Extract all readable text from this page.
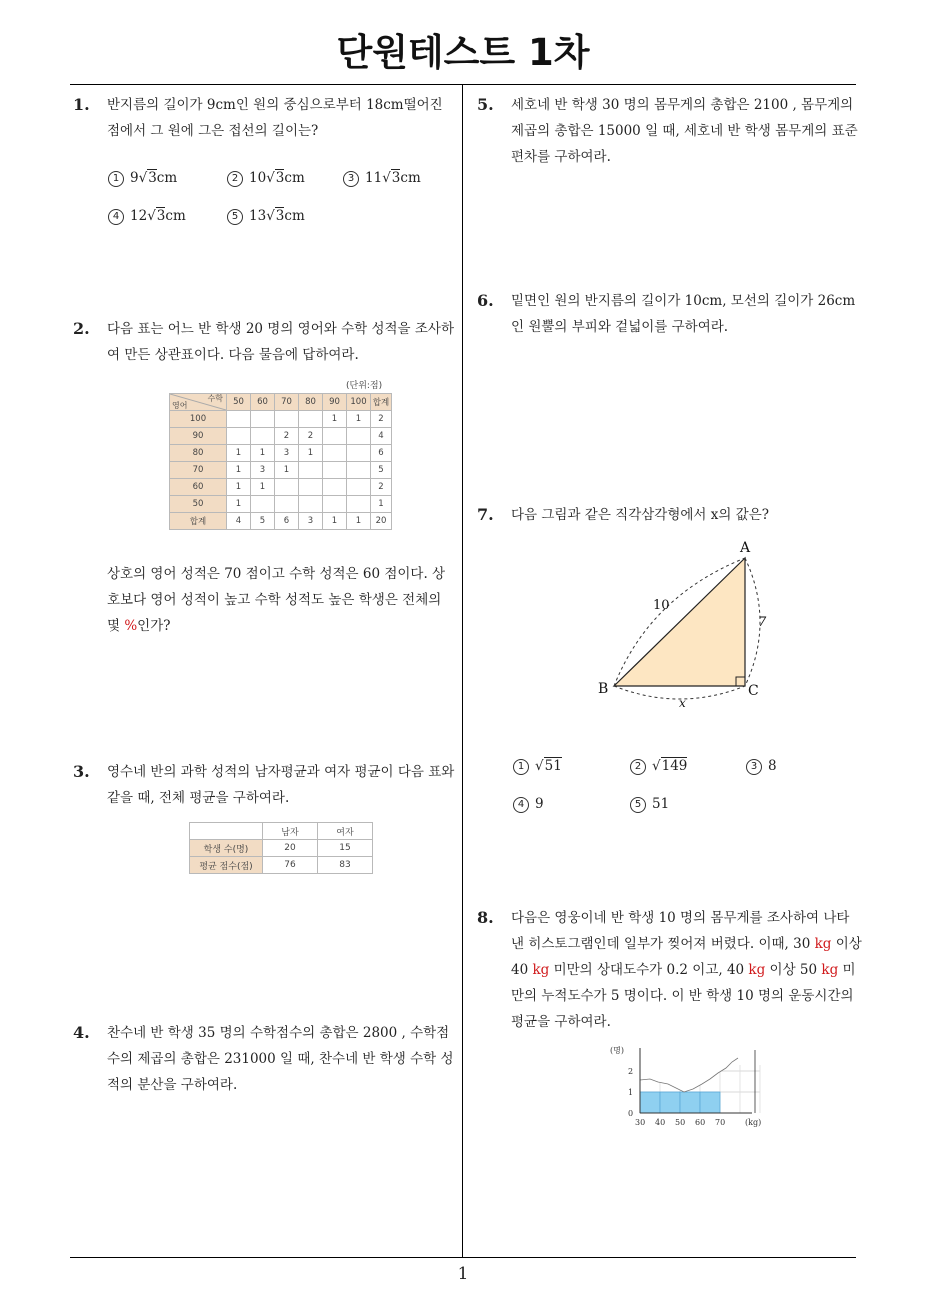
단원테스트 1차
1
1. 반지름의 길이가 9cm인 원의 중심으로부터 18cm떨어진 점에서 그 원에 그은 접선의 길이는?
1 9√3cm	2 10√3cm	3 11√3cm
4 12√3cm	5 13√3cm
2. 다음 표는 어느 반 학생 20 명의 영어와 수학 성적을 조사하여 만든 상관표이다. 다음 물음에 답하여라.
(단위:점)
수학
영어	50	60	70	80	90	100	합계
100					1	1	2
90			2	2			4
80	1	1	3	1			6
70	1	3	1				5
60	1	1					2
50	1						1
합계	4	5	6	3	1	1	20
상호의 영어 성적은 70 점이고 수학 성적은 60 점이다. 상호보다 영어 성적이 높고 수학 성적도 높은 학생은 전체의 몇 %인가?
3. 영수네 반의 과학 성적의 남자평균과 여자 평균이 다음 표와 같을 때, 전체 평균을 구하여라.
	남자	여자
학생 수(명)	20	15
평균 점수(점)	76	83
4. 찬수네 반 학생 35 명의 수학점수의 총합은 2800 , 수학점수의 제곱의 총합은 231000 일 때, 찬수네 반 학생 수학 성적의 분산을 구하여라.
5. 세호네 반 학생 30 명의 몸무게의 총합은 2100 , 몸무게의 제곱의 총합은 15000 일 때, 세호네 반 학생 몸무게의 표준편차를 구하여라.
6. 밑면인 원의 반지름의 길이가 10cm, 모선의 길이가 26cm인 원뿔의 부피와 겉넓이를 구하여라.
7. 다음 그림과 같은 직각삼각형에서 x의 값은?
A
B	C
10
7
x
1 √51	2 √149	3 8
4 9	5 51
8. 다음은 영웅이네 반 학생 10 명의 몸무게를 조사하여 나타낸 히스토그램인데 일부가 찢어져 버렸다. 이때, 30 kg 이상 40 kg 미만의 상대도수가 0.2 이고, 40 kg 이상 50 kg 미만의 누적도수가 5 명이다. 이 반 학생 10 명의 운동시간의 평균을 구하여라.
0
1
2
30 40 50 60 70
(명)
(kg)
